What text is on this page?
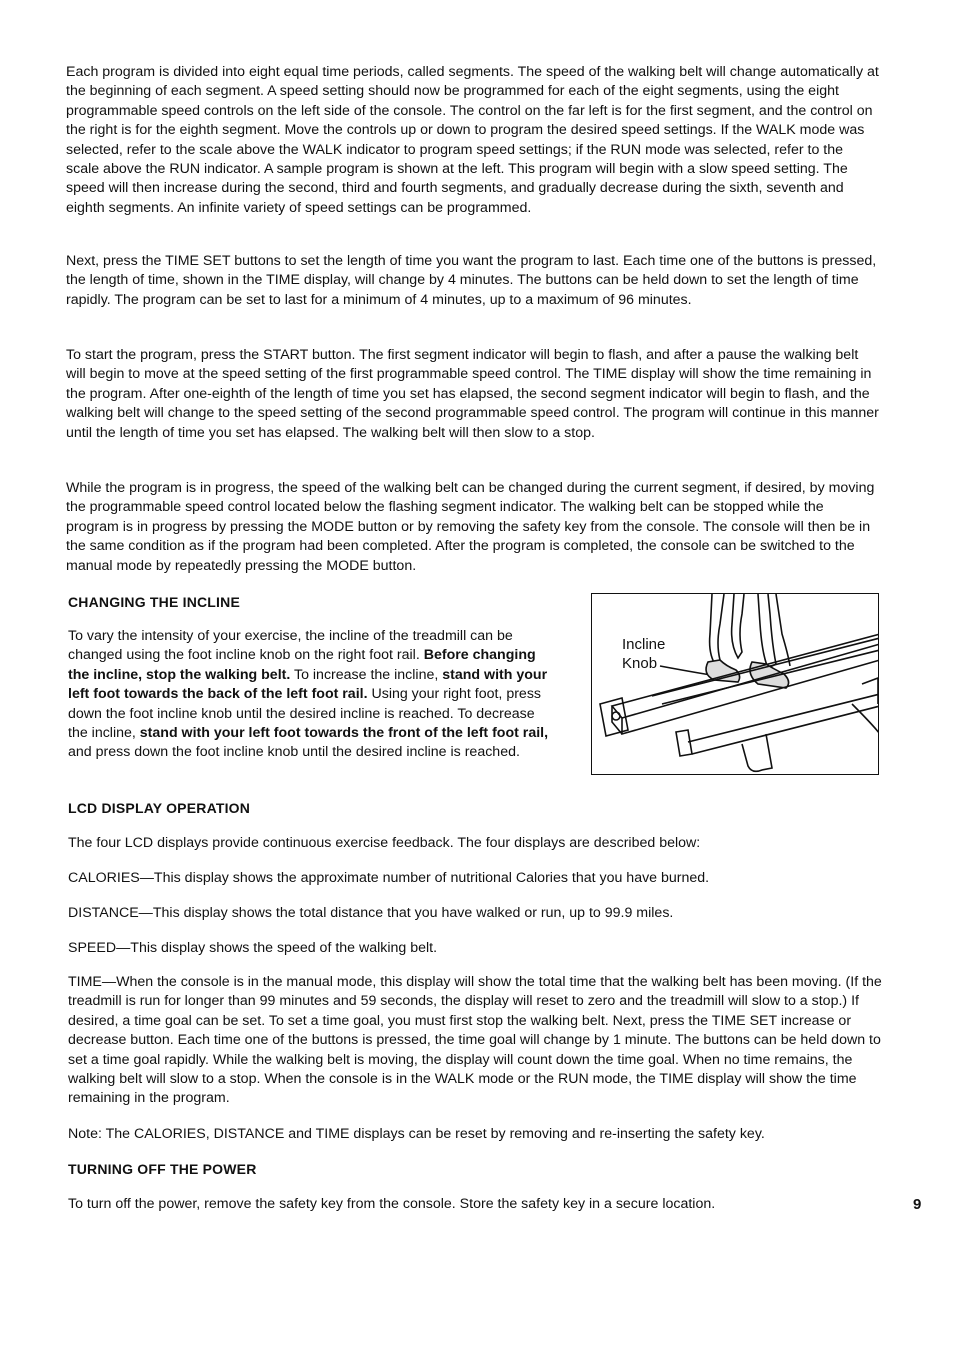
Each program is divided into eight equal time periods, called segments. The speed of the walking belt will change automatically at the beginning of each segment. A speed setting should now be programmed for each of the eight segments, using the eight programmable speed controls on the left side of the console. The control on the far left is for the first segment, and the control on the right is for the eighth segment. Move the controls up or down to program the desired speed settings. If the WALK mode was selected, refer to the scale above the WALK indicator to program speed settings; if the RUN mode was selected, refer to the scale above the RUN indicator. A sample program is shown at the left. This program will begin with a slow speed setting. The speed will then increase during the second, third and fourth segments, and gradually decrease during the sixth, seventh and eighth segments. An infinite variety of speed settings can be programmed.

Next, press the TIME SET buttons to set the length of time you want the program to last. Each time one of the buttons is pressed, the length of time, shown in the TIME display, will change by 4 minutes. The buttons can be held down to set the length of time rapidly. The program can be set to last for a minimum of 4 minutes, up to a maximum of 96 minutes.

To start the program, press the START button. The first segment indicator will begin to flash, and after a pause the walking belt will begin to move at the speed setting of the first programmable speed control. The TIME display will show the time remaining in the program. After one-eighth of the length of time you set has elapsed, the second segment indicator will begin to flash, and the walking belt will change to the speed setting of the second programmable speed control. The program will continue in this manner until the length of time you set has elapsed. The walking belt will then slow to a stop.

While the program is in progress, the speed of the walking belt can be changed during the current segment, if desired, by moving the programmable speed control located below the flashing segment indicator. The walking belt can be stopped while the program is in progress by pressing the MODE button or by removing the safety key from the console. The console will then be in the same condition as if the program had been completed. After the program is completed, the console can be switched to the manual mode by repeatedly pressing the MODE button.

CHANGING THE INCLINE

To vary the intensity of your exercise, the incline of the treadmill can be changed using the foot incline knob on the right foot rail. Before changing the incline, stop the walking belt. To increase the incline, stand with your left foot towards the back of the left foot rail. Using your right foot, press down the foot incline knob until the desired incline is reached. To decrease the incline, stand with your left foot towards the front of the left foot rail, and press down the foot incline knob until the desired incline is reached.

Incline
Knob
LCD DISPLAY OPERATION

The four LCD displays provide continuous exercise feedback. The four displays are described below:

CALORIES—This display shows the approximate number of nutritional Calories that you have burned.

DISTANCE—This display shows the total distance that you have walked or run, up to 99.9 miles.

SPEED—This display shows the speed of the walking belt.

TIME—When the console is in the manual mode, this display will show the total time that the walking belt has been moving. (If the treadmill is run for longer than 99 minutes and 59 seconds, the display will reset to zero and the treadmill will slow to a stop.) If desired, a time goal can be set. To set a time goal, you must first stop the walking belt. Next, press the TIME SET increase or decrease button. Each time one of the buttons is pressed, the time goal will change by 1 minute. The buttons can be held down to set a time goal rapidly. While the walking belt is moving, the display will count down the time goal. When no time remains, the walking belt will slow to a stop. When the console is in the WALK mode or the RUN mode, the TIME display will show the time remaining in the program.

Note: The CALORIES, DISTANCE and TIME displays can be reset by removing and re-inserting the safety key.

TURNING OFF THE POWER

To turn off the power, remove the safety key from the console. Store the safety key in a secure location.	9
